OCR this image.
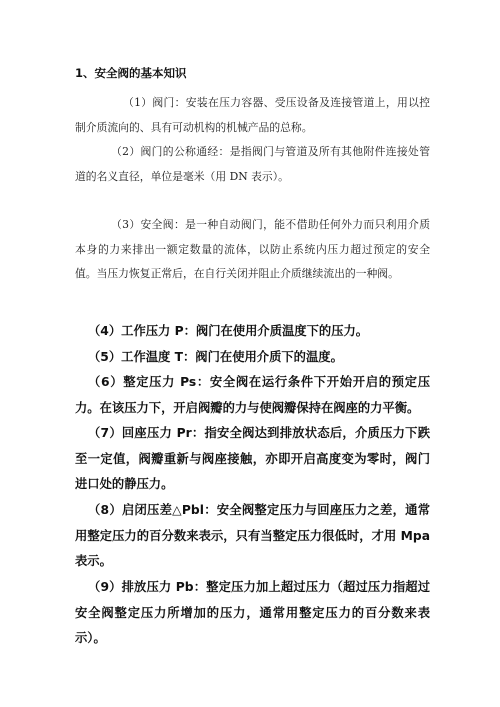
1、安全阀的基本知识

（1）阀门：安装在压力容器、受压设备及连接管道上，用以控制介质流向的、具有可动机构的机械产品的总称。

（2）阀门的公称通经：是指阀门与管道及所有其他附件连接处管道的名义直径，单位是毫米（用 DN 表示）。

（3）安全阀：是一种自动阀门，能不借助任何外力而只利用介质本身的力来排出一额定数量的流体，以防止系统内压力超过预定的安全值。当压力恢复正常后，在自行关闭并阻止介质继续流出的一种阀。

（4）工作压力 P：阀门在使用介质温度下的压力。

（5）工作温度 T：阀门在使用介质下的温度。

（6）整定压力 Ps：安全阀在运行条件下开始开启的预定压力。在该压力下，开启阀瓣的力与使阀瓣保持在阀座的力平衡。

（7）回座压力 Pr：指安全阀达到排放状态后，介质压力下跌至一定值，阀瓣重新与阀座接触，亦即开启高度变为零时，阀门进口处的静压力。

（8）启闭压差△Pbl：安全阀整定压力与回座压力之差，通常用整定压力的百分数来表示，只有当整定压力很低时，才用 Mpa 表示。

（9）排放压力 Pb：整定压力加上超过压力（超过压力指超过安全阀整定压力所增加的压力，通常用整定压力的百分数来表示）。
